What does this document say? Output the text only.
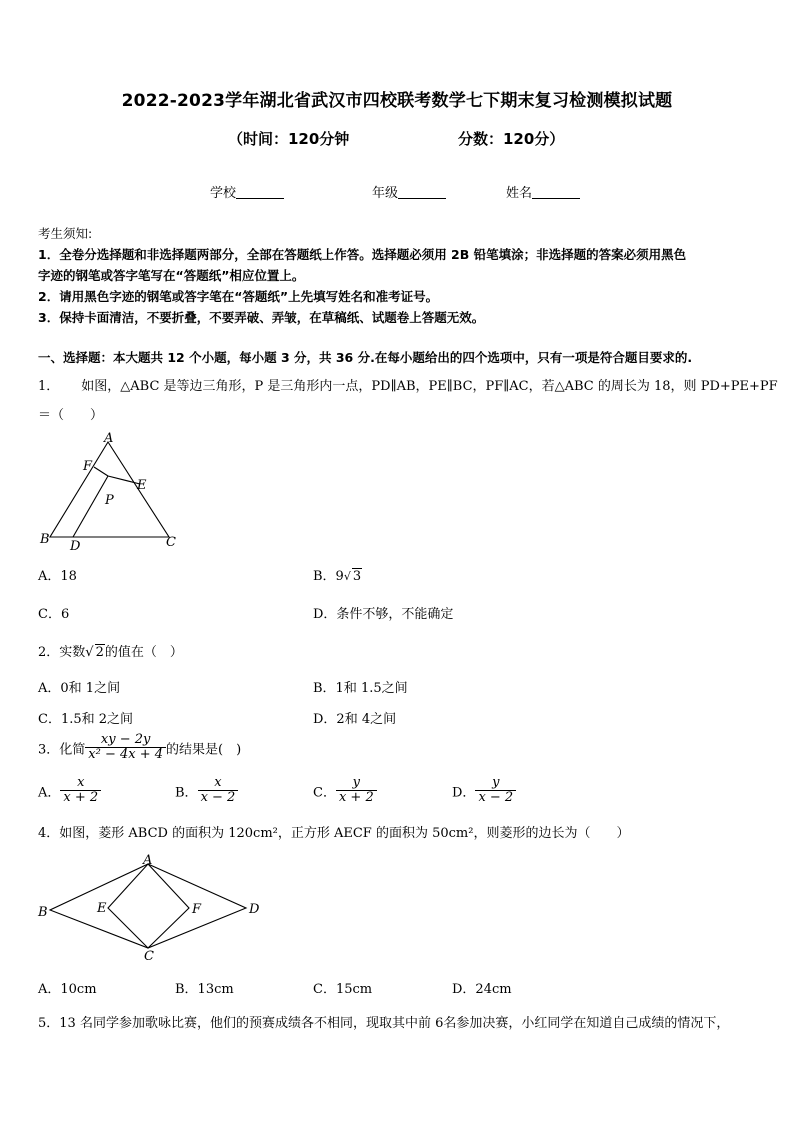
2022-2023学年湖北省武汉市四校联考数学七下期末复习检测模拟试题
（时间：120分钟	分数：120分）
学校	年级	姓名
考生须知:
1．全卷分选择题和非选择题两部分，全部在答题纸上作答。选择题必须用 2B 铅笔填涂；非选择题的答案必须用黑色
字迹的钢笔或答字笔写在“答题纸”相应位置上。
2．请用黑色字迹的钢笔或答字笔在“答题纸”上先填写姓名和准考证号。
3．保持卡面清洁，不要折叠，不要弄破、弄皱，在草稿纸、试题卷上答题无效。
一、选择题：本大题共 12 个小题，每小题 3 分，共 36 分.在每小题给出的四个选项中，只有一项是符合题目要求的.
1． 如图，△ABC 是等边三角形，P 是三角形内一点，PD∥AB，PE∥BC，PF∥AC，若△ABC 的周长为 18，则 PD+PE+PF
＝（　　）
A
F
E
P
B D	C
A．18	B．9√ 3
C．6	D．条件不够，不能确定
2．实数√ 2的值在（　）
A．0和 1之间	B．1和 1.5之间
C．1.5和 2之间	D．2和 4之间
3．化简 $\frac{xy - 2y}{\text{x² − 4x + 4}}$ 的结果是(　)
A． $\frac{x}{x + 2}$	B． $\frac{x}{x - 2}$	C． $\frac{y}{x + 2}$	D． $\frac{y}{x - 2}$
4．如图，菱形 ABCD 的面积为 120cm²，正方形 AECF 的面积为 50cm²，则菱形的边长为（　　）
A
B	E	F	D
C
A．10cm	B．13cm	C．15cm	D．24cm
5．13 名同学参加歌咏比赛，他们的预赛成绩各不相同，现取其中前 6名参加决赛，小红同学在知道自己成绩的情况下，
